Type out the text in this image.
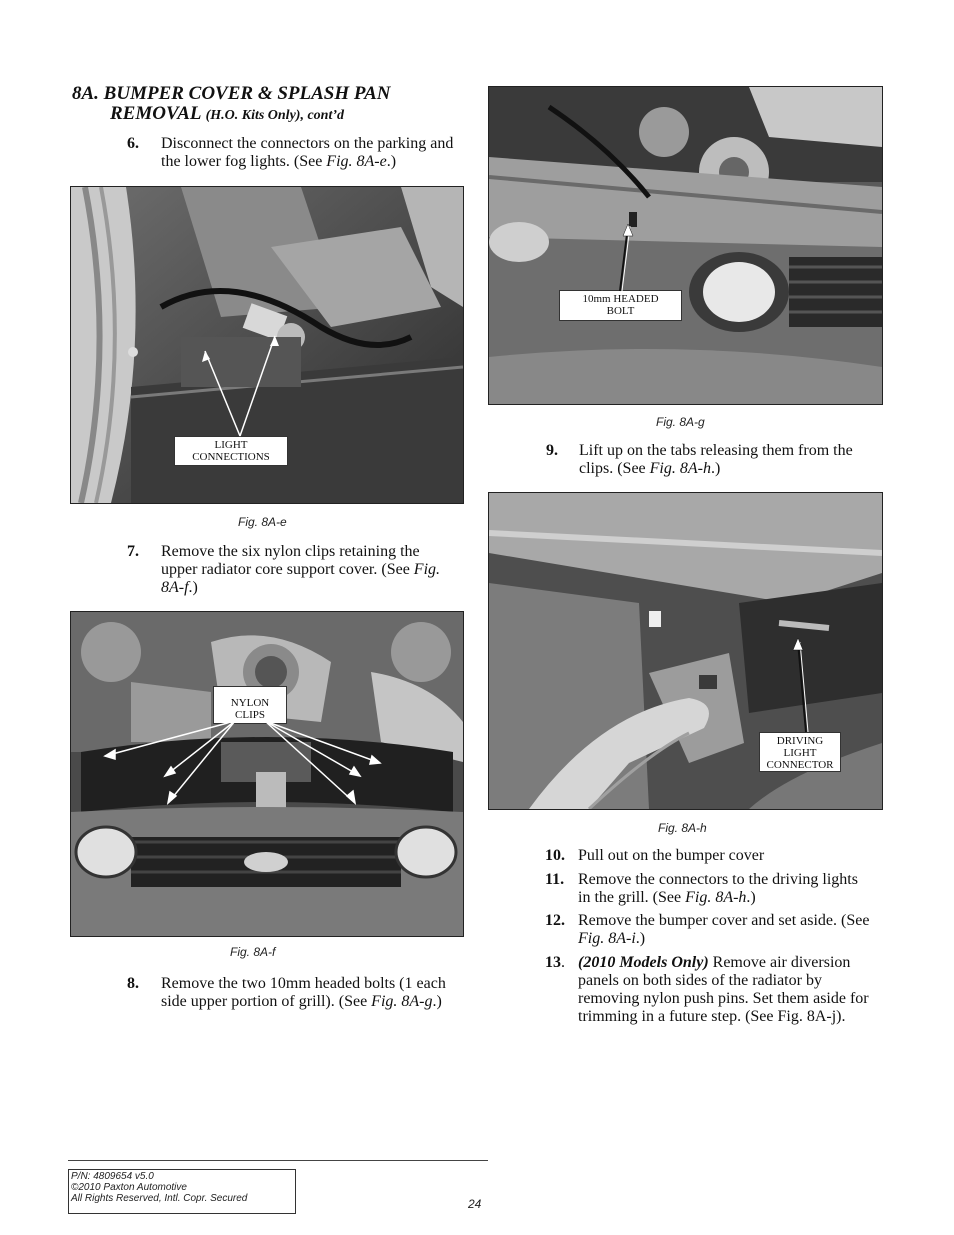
8A. BUMPER COVER & SPLASH PAN
REMOVAL (H.O. Kits Only), cont’d
6. Disconnect the connectors on the parking and the lower fog lights. (See Fig. 8A-e.)
LIGHT
CONNECTIONS
Fig. 8A-e
7. Remove the six nylon clips retaining the upper radiator core support cover. (See Fig. 8A-f.)
NYLON
CLIPS
Fig. 8A-f
8. Remove the two 10mm headed bolts (1 each side upper portion of grill). (See Fig. 8A-g.)
10mm HEADED
BOLT
Fig. 8A-g
9. Lift up on the tabs releasing them from the clips. (See Fig. 8A-h.)
DRIVING
LIGHT
CONNECTOR
Fig. 8A-h
10. Pull out on the bumper cover
11. Remove the connectors to the driving lights in the grill. (See Fig. 8A-h.)
12. Remove the bumper cover and set aside. (See Fig. 8A-i.)
13. (2010 Models Only) Remove air diversion panels on both sides of the radiator by removing nylon push pins. Set them aside for trimming in a future step. (See Fig. 8A-j).
P/N: 4809654 v5.0
©2010 Paxton Automotive
All Rights Reserved, Intl. Copr. Secured	24
